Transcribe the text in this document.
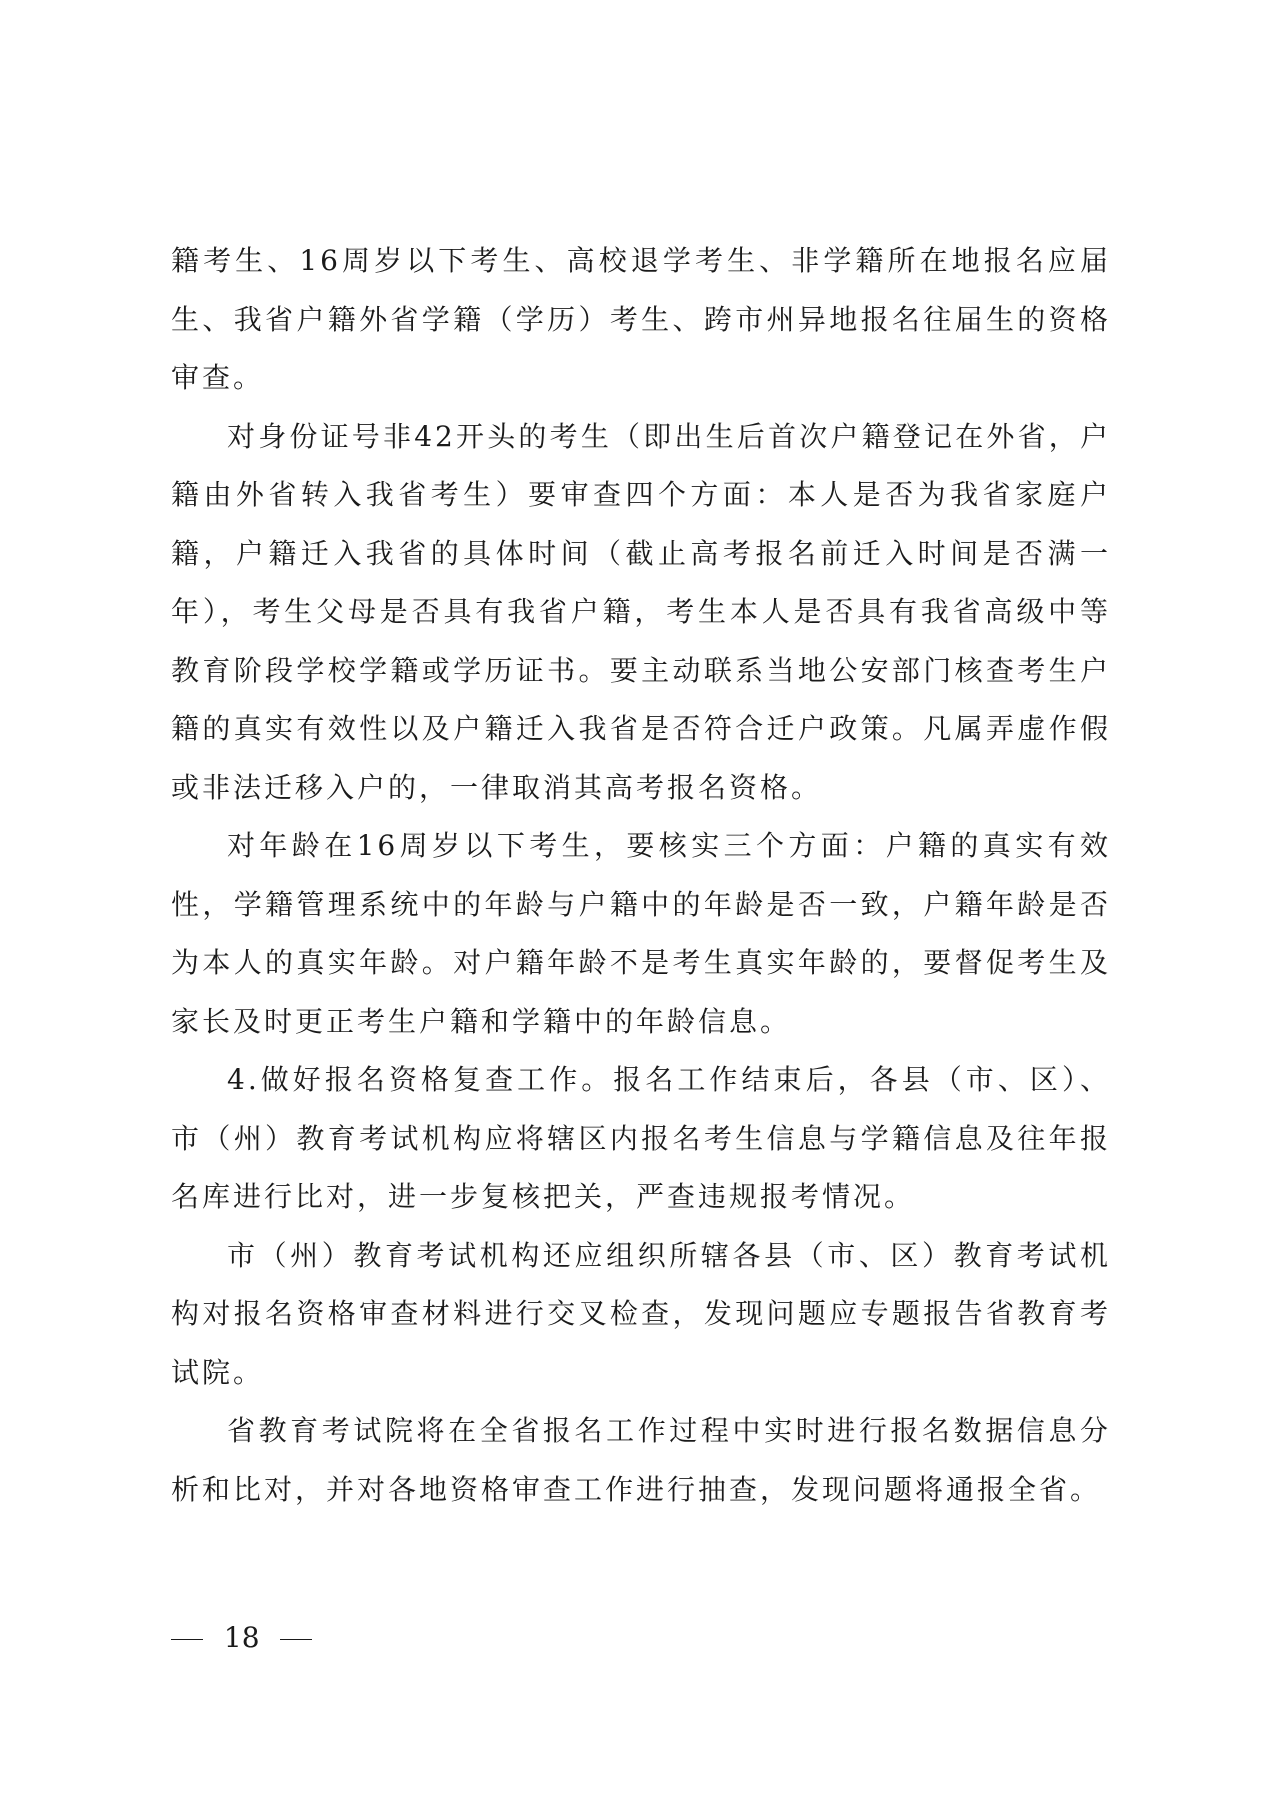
籍考生、16周岁以下考生、高校退学考生、非学籍所在地报名应届生、我省户籍外省学籍（学历）考生、跨市州异地报名往届生的资格审查。

对身份证号非42开头的考生（即出生后首次户籍登记在外省，户籍由外省转入我省考生）要审查四个方面：本人是否为我省家庭户籍，户籍迁入我省的具体时间（截止高考报名前迁入时间是否满一年），考生父母是否具有我省户籍，考生本人是否具有我省高级中等教育阶段学校学籍或学历证书。要主动联系当地公安部门核查考生户籍的真实有效性以及户籍迁入我省是否符合迁户政策。凡属弄虚作假或非法迁移入户的，一律取消其高考报名资格。

对年龄在16周岁以下考生，要核实三个方面：户籍的真实有效性，学籍管理系统中的年龄与户籍中的年龄是否一致，户籍年龄是否为本人的真实年龄。对户籍年龄不是考生真实年龄的，要督促考生及家长及时更正考生户籍和学籍中的年龄信息。

4.做好报名资格复查工作。报名工作结束后，各县（市、区）、市（州）教育考试机构应将辖区内报名考生信息与学籍信息及往年报名库进行比对，进一步复核把关，严查违规报考情况。

市（州）教育考试机构还应组织所辖各县（市、区）教育考试机构对报名资格审查材料进行交叉检查，发现问题应专题报告省教育考试院。

省教育考试院将在全省报名工作过程中实时进行报名数据信息分析和比对，并对各地资格审查工作进行抽查，发现问题将通报全省。

18
